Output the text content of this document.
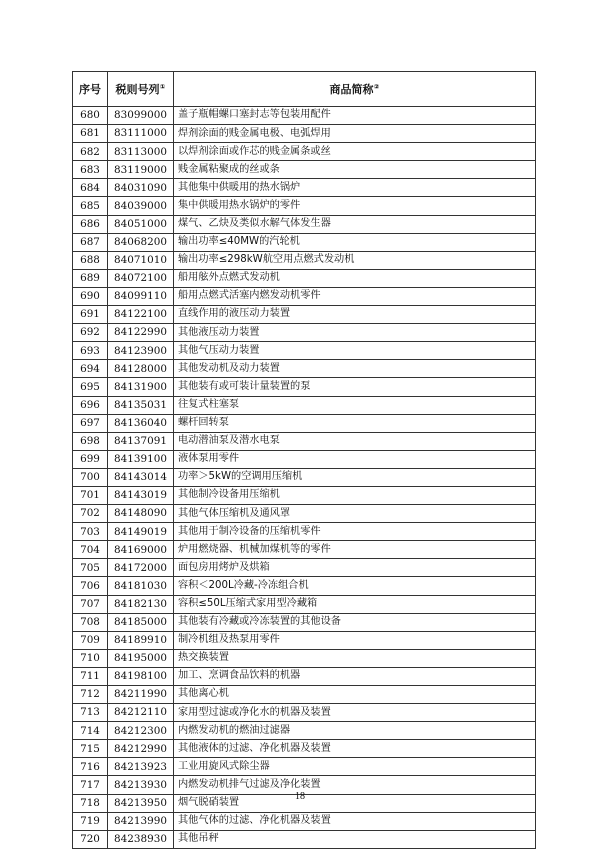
序号	税则号列①	商品简称②
680	83099000	盖子瓶帽螺口塞封志等包装用配件
681	83111000	焊剂涂面的贱金属电极、电弧焊用
682	83113000	以焊剂涂面或作芯的贱金属条或丝
683	83119000	贱金属粘聚成的丝或条
684	84031090	其他集中供暖用的热水锅炉
685	84039000	集中供暖用热水锅炉的零件
686	84051000	煤气、乙炔及类似水解气体发生器
687	84068200	输出功率≤40MW的汽轮机
688	84071010	输出功率≤298kW航空用点燃式发动机
689	84072100	船用舷外点燃式发动机
690	84099110	船用点燃式活塞内燃发动机零件
691	84122100	直线作用的液压动力装置
692	84122990	其他液压动力装置
693	84123900	其他气压动力装置
694	84128000	其他发动机及动力装置
695	84131900	其他装有或可装计量装置的泵
696	84135031	往复式柱塞泵
697	84136040	螺杆回转泵
698	84137091	电动潜油泵及潜水电泵
699	84139100	液体泵用零件
700	84143014	功率＞5kW的空调用压缩机
701	84143019	其他制冷设备用压缩机
702	84148090	其他气体压缩机及通风罩
703	84149019	其他用于制冷设备的压缩机零件
704	84169000	炉用燃烧器、机械加煤机等的零件
705	84172000	面包房用烤炉及烘箱
706	84181030	容积＜200L冷藏-冷冻组合机
707	84182130	容积≤50L压缩式家用型冷藏箱
708	84185000	其他装有冷藏或冷冻装置的其他设备
709	84189910	制冷机组及热泵用零件
710	84195000	热交换装置
711	84198100	加工、烹调食品饮料的机器
712	84211990	其他离心机
713	84212110	家用型过滤或净化水的机器及装置
714	84212300	内燃发动机的燃油过滤器
715	84212990	其他液体的过滤、净化机器及装置
716	84213923	工业用旋风式除尘器
717	84213930	内燃发动机排气过滤及净化装置
718	84213950	烟气脱硝装置
719	84213990	其他气体的过滤、净化机器及装置
720	84238930	其他吊秤
18
